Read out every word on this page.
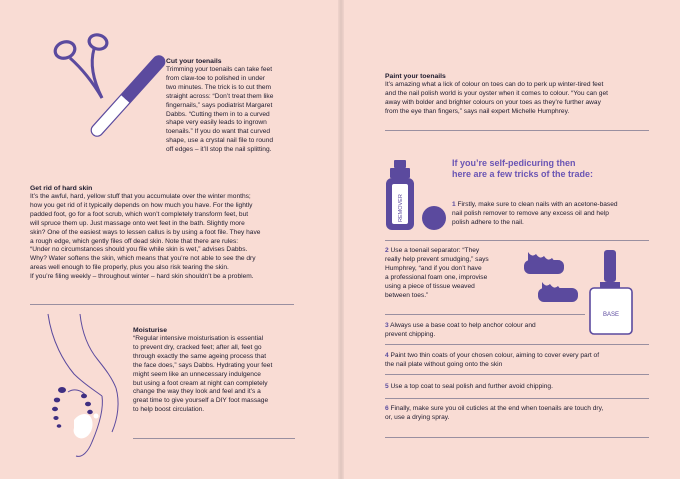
Cut your toenails
Trimming your toenails can take feet
from claw-toe to polished in under
two minutes. The trick is to cut them
straight across: “Don’t treat them like
fingernails,” says podiatrist Margaret
Dabbs. “Cutting them in to a curved
shape very easily leads to ingrown
toenails.” If you do want that curved
shape, use a crystal nail file to round
off edges – it’ll stop the nail splitting.
Get rid of hard skin
It’s the awful, hard, yellow stuff that you accumulate over the winter months;
how you get rid of it typically depends on how much you have. For the lightly
padded foot, go for a foot scrub, which won’t completely transform feet, but
will spruce them up. Just massage onto wet feet in the bath. Slightly more
skin? One of the easiest ways to lessen callus is by using a foot file. They have
a rough edge, which gently files off dead skin. Note that there are rules:
“Under no circumstances should you file while skin is wet,” advises Dabbs.
Why? Water softens the skin, which means that you’re not able to see the dry
areas well enough to file properly, plus you also risk tearing the skin.
If you’re filing weekly – throughout winter – hard skin shouldn’t be a problem.
Moisturise
“Regular intensive moisturisation is essential
to prevent dry, cracked feet; after all, feet go
through exactly the same ageing process that
the face does,” says Dabbs. Hydrating your feet
might seem like an unnecessary indulgence
but using a foot cream at night can completely
change the way they look and feel and it’s a
great time to give yourself a DIY foot massage
to help boost circulation.
Paint your toenails
It’s amazing what a lick of colour on toes can do to perk up winter-tired feet
and the nail polish world is your oyster when it comes to colour. “You can get
away with bolder and brighter colours on your toes as they’re further away
from the eye than fingers,” says nail expert Michelle Humphrey.
If you’re self-pedicuring then
here are a few tricks of the trade:
REMOVER	1 Firstly, make sure to clean nails with an acetone-based
nail polish remover to remove any excess oil and help
polish adhere to the nail.
2 Use a toenail separator: “They
really help prevent smudging,” says
Humphrey, “and if you don’t have
a professional foam one, improvise
using a piece of tissue weaved
between toes.”
BASE
3 Always use a base coat to help anchor colour and
prevent chipping.
4 Paint two thin coats of your chosen colour, aiming to cover every part of
the nail plate without going onto the skin
5 Use a top coat to seal polish and further avoid chipping.
6 Finally, make sure you oil cuticles at the end when toenails are touch dry,
or, use a drying spray.
